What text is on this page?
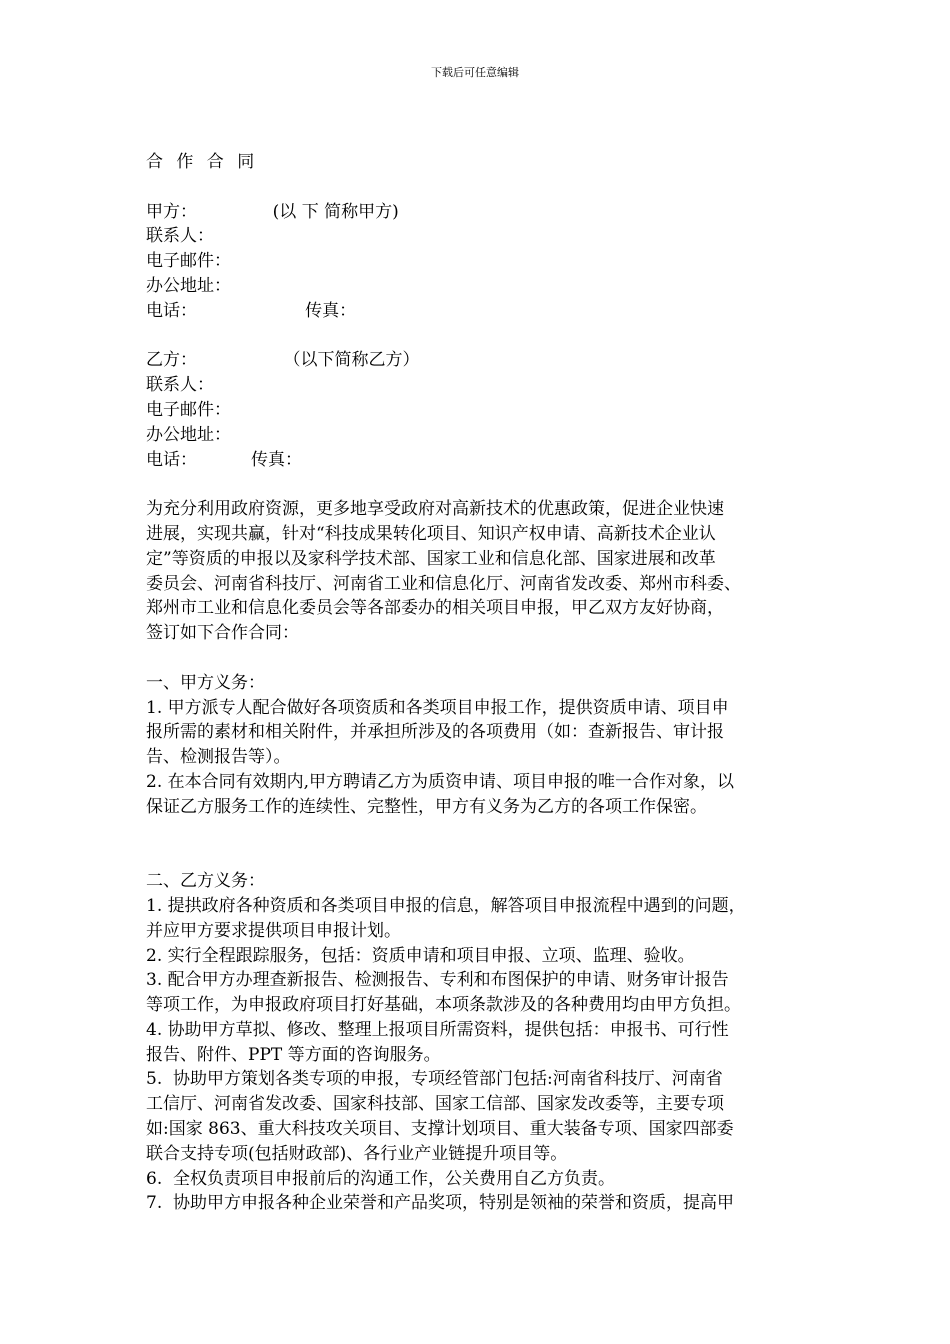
下载后可任意编辑
合 作 合 同
甲方：              (以 下 简称甲方)
联系人：
电子邮件：
办公地址：
电话：                    传真：
乙方：                （以下简称乙方）
联系人：
电子邮件：
办公地址：
电话：          传真：
为充分利用政府资源，更多地享受政府对高新技术的优惠政策，促进企业快速
进展，实现共赢，针对“科技成果转化项目、知识产权申请、高新技术企业认
定”等资质的申报以及家科学技术部、国家工业和信息化部、国家进展和改革
委员会、河南省科技厅、河南省工业和信息化厅、河南省发改委、郑州市科委、
郑州市工业和信息化委员会等各部委办的相关项目申报，甲乙双方友好协商，
签订如下合作合同：
一、甲方义务：
1. 甲方派专人配合做好各项资质和各类项目申报工作，提供资质申请、项目申
报所需的素材和相关附件，并承担所涉及的各项费用（如：查新报告、审计报
告、检测报告等）。
2. 在本合同有效期内,甲方聘请乙方为质资申请、项目申报的唯一合作对象，以
保证乙方服务工作的连续性、完整性，甲方有义务为乙方的各项工作保密。
二、乙方义务：
1. 提拱政府各种资质和各类项目申报的信息，解答项目申报流程中遇到的问题，
并应甲方要求提供项目申报计划。
2. 实行全程跟踪服务，包括：资质申请和项目申报、立项、监理、验收。
3. 配合甲方办理查新报告、检测报告、专利和布图保护的申请、财务审计报告
等项工作，为申报政府项目打好基础，本项条款涉及的各种费用均由甲方负担。
4. 协助甲方草拟、修改、整理上报项目所需资料，提供包括：申报书、可行性
报告、附件、PPT 等方面的咨询服务。
5.  协助甲方策划各类专项的申报，专项经管部门包括:河南省科技厅、河南省
工信厅、河南省发改委、国家科技部、国家工信部、国家发改委等，主要专项
如:国家 863、重大科技攻关项目、支撑计划项目、重大装备专项、国家四部委
联合支持专项(包括财政部)、各行业产业链提升项目等。
6.  全权负责项目申报前后的沟通工作，公关费用自乙方负责。
7.  协助甲方申报各种企业荣誉和产品奖项，特别是领袖的荣誉和资质，提高甲
